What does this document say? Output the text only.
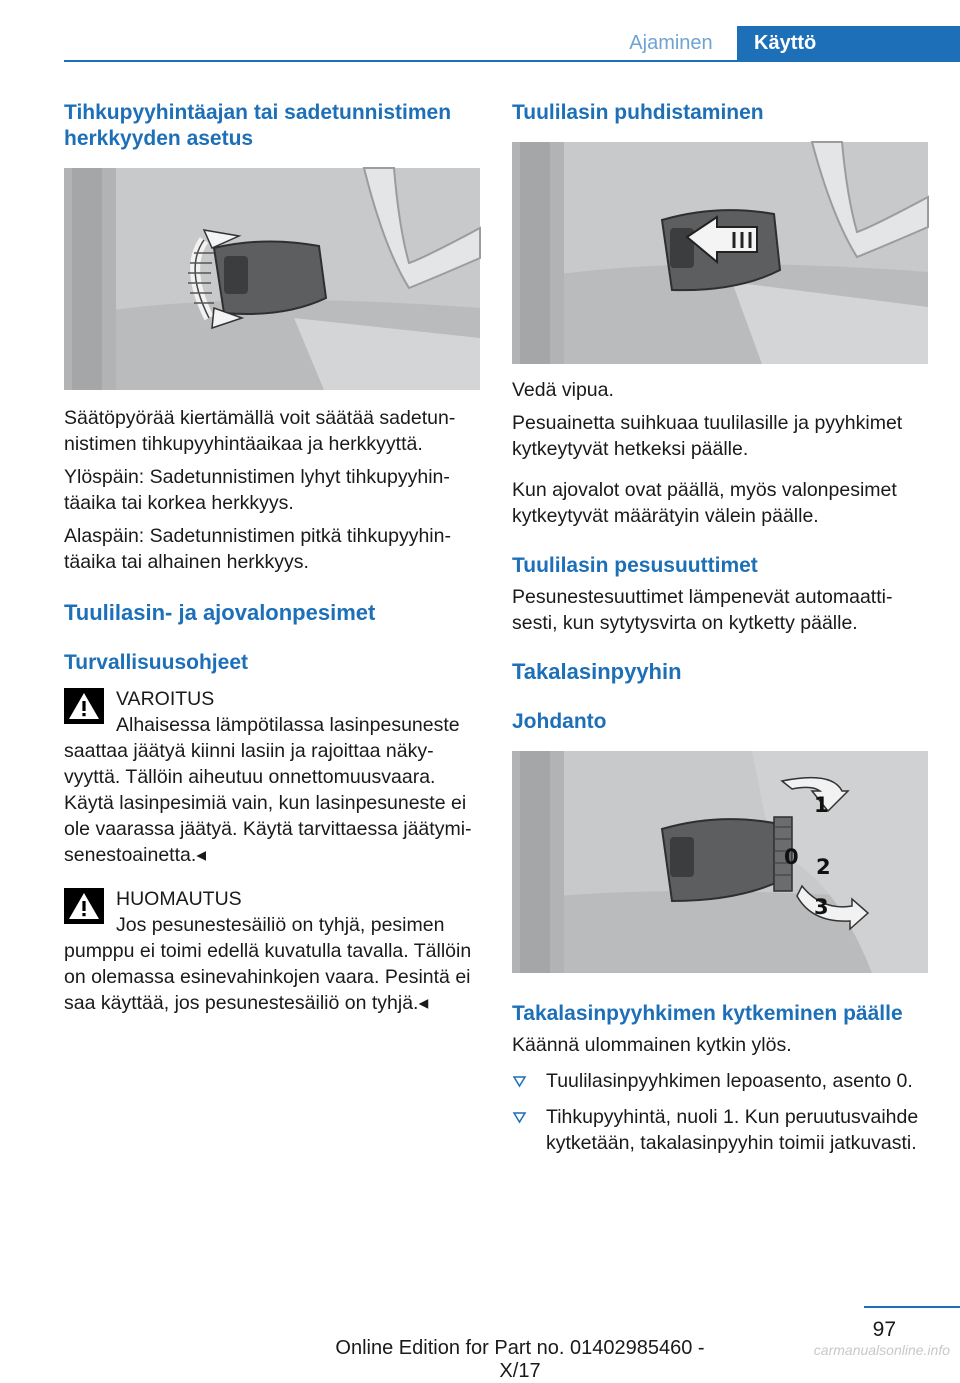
Ajaminen	Käyttö
Tihkupyyhintäajan tai sadetunnistimen herkkyyden asetus
Säätöpyörää kiertämällä voit säätää sadetunnistimen tihkupyyhintäaikaa ja herkkyyttä.
Ylöspäin: Sadetunnistimen lyhyt tihkupyyhintäaika tai korkea herkkyys.
Alaspäin: Sadetunnistimen pitkä tihkupyyhintäaika tai alhainen herkkyys.
Tuulilasin- ja ajovalonpesimet
Turvallisuusohjeet
VAROITUS
Alhaisessa lämpötilassa lasinpesuneste saattaa jäätyä kiinni lasiin ja rajoittaa näkyvyyttä. Tällöin aiheutuu onnettomuusvaara. Käytä lasinpesimiä vain, kun lasinpesuneste ei ole vaarassa jäätyä. Käytä tarvittaessa jäätymisenestoainetta.◂
HUOMAUTUS
Jos pesunestesäiliö on tyhjä, pesimen pumppu ei toimi edellä kuvatulla tavalla. Tällöin on olemassa esinevahinkojen vaara. Pesintä ei saa käyttää, jos pesunestesäiliö on tyhjä.◂
Tuulilasin puhdistaminen
Vedä vipua.
Pesuainetta suihkuaa tuulilasille ja pyyhkimet kytkeytyvät hetkeksi päälle.
Kun ajovalot ovat päällä, myös valonpesimet kytkeytyvät määrätyin välein päälle.
Tuulilasin pesusuuttimet
Pesunestesuuttimet lämpenevät automaattisesti, kun sytytysvirta on kytketty päälle.
Takalasinpyyhin
Johdanto
1
0 2
3
Takalasinpyyhkimen kytkeminen päälle
Käännä ulommainen kytkin ylös.
Tuulilasinpyyhkimen lepoasento, asento 0.
Tihkupyyhintä, nuoli 1. Kun peruutusvaihde kytketään, takalasinpyyhin toimii jatkuvasti.
97
Online Edition for Part no. 01402985460 - X/17
carmanualsonline.info
